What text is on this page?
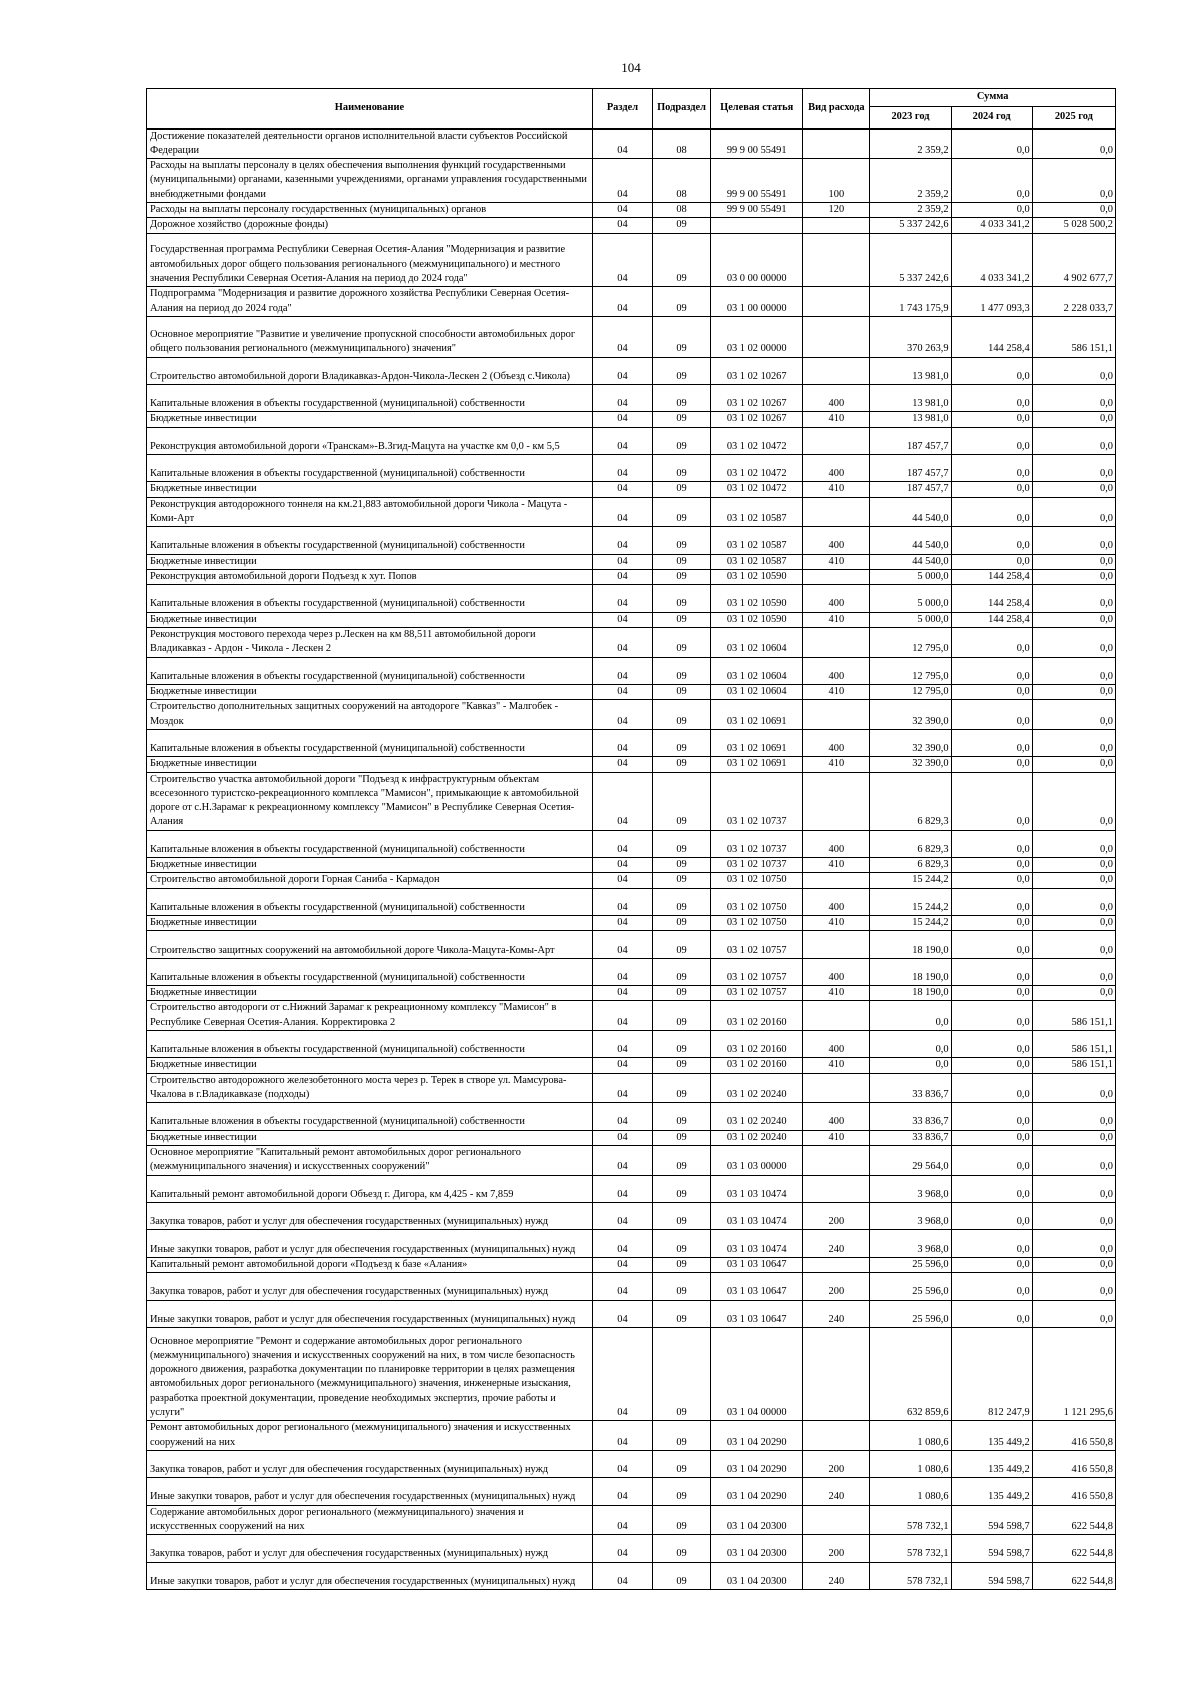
104
Наименование	Раздел	Подраздел	Целевая статья	Вид расхода	Сумма		
					2023 год	2024 год	2025 год
Достижение показателей деятельности органов исполнительной власти субъектов Российской Федерации	04	08	99 9 00 55491		2 359,2	0,0	0,0
Расходы на выплаты персоналу в целях обеспечения выполнения функций государственными (муниципальными) органами, казенными учреждениями, органами управления государственными внебюджетными фондами	04	08	99 9 00 55491	100	2 359,2	0,0	0,0
Расходы на выплаты персоналу государственных (муниципальных) органов	04	08	99 9 00 55491	120	2 359,2	0,0	0,0
Дорожное хозяйство (дорожные фонды)	04	09			5 337 242,6	4 033 341,2	5 028 500,2
Государственная программа Республики Северная Осетия-Алания "Модернизация и развитие автомобильных дорог общего пользования регионального (межмуниципального) и местного значения Республики Северная Осетия-Алания на период до 2024 года"	04	09	03 0 00 00000		5 337 242,6	4 033 341,2	4 902 677,7
Подпрограмма "Модернизация и развитие дорожного хозяйства Республики Северная Осетия-Алания на период до 2024 года"	04	09	03 1 00 00000		1 743 175,9	1 477 093,3	2 228 033,7
Основное мероприятие "Развитие и увеличение пропускной способности автомобильных дорог общего пользования регионального (межмуниципального) значения"	04	09	03 1 02 00000		370 263,9	144 258,4	586 151,1
Строительство автомобильной дороги Владикавказ-Ардон-Чикола-Лескен 2 (Объезд с.Чикола)	04	09	03 1 02 10267		13 981,0	0,0	0,0
Капитальные вложения в объекты государственной (муниципальной) собственности	04	09	03 1 02 10267	400	13 981,0	0,0	0,0
Бюджетные инвестиции	04	09	03 1 02 10267	410	13 981,0	0,0	0,0
Реконструкция автомобильной дороги «Транскам»-В.Згид-Мацута на участке км 0,0 - км 5,5	04	09	03 1 02 10472		187 457,7	0,0	0,0
Капитальные вложения в объекты государственной (муниципальной) собственности	04	09	03 1 02 10472	400	187 457,7	0,0	0,0
Бюджетные инвестиции	04	09	03 1 02 10472	410	187 457,7	0,0	0,0
Реконструкция автодорожного тоннеля на км.21,883 автомобильной дороги Чикола - Мацута - Коми-Арт	04	09	03 1 02 10587		44 540,0	0,0	0,0
Капитальные вложения в объекты государственной (муниципальной) собственности	04	09	03 1 02 10587	400	44 540,0	0,0	0,0
Бюджетные инвестиции	04	09	03 1 02 10587	410	44 540,0	0,0	0,0
Реконструкция автомобильной дороги Подъезд к хут. Попов	04	09	03 1 02 10590		5 000,0	144 258,4	0,0
Капитальные вложения в объекты государственной (муниципальной) собственности	04	09	03 1 02 10590	400	5 000,0	144 258,4	0,0
Бюджетные инвестиции	04	09	03 1 02 10590	410	5 000,0	144 258,4	0,0
Реконструкция мостового перехода через р.Лескен на км 88,511 автомобильной дороги Владикавказ - Ардон - Чикола - Лескен 2	04	09	03 1 02 10604		12 795,0	0,0	0,0
Капитальные вложения в объекты государственной (муниципальной) собственности	04	09	03 1 02 10604	400	12 795,0	0,0	0,0
Бюджетные инвестиции	04	09	03 1 02 10604	410	12 795,0	0,0	0,0
Строительство дополнительных защитных сооружений на автодороге "Кавказ" - Малгобек - Моздок	04	09	03 1 02 10691		32 390,0	0,0	0,0
Капитальные вложения в объекты государственной (муниципальной) собственности	04	09	03 1 02 10691	400	32 390,0	0,0	0,0
Бюджетные инвестиции	04	09	03 1 02 10691	410	32 390,0	0,0	0,0
Строительство участка автомобильной дороги "Подъезд к инфраструктурным объектам всесезонного туристско-рекреационного комплекса "Мамисон", примыкающие к автомобильной дороге от с.Н.Зарамаг к рекреационному комплексу "Мамисон" в Республике Северная Осетия-Алания	04	09	03 1 02 10737		6 829,3	0,0	0,0
Капитальные вложения в объекты государственной (муниципальной) собственности	04	09	03 1 02 10737	400	6 829,3	0,0	0,0
Бюджетные инвестиции	04	09	03 1 02 10737	410	6 829,3	0,0	0,0
Строительство автомобильной дороги Горная Санибa - Кармадон	04	09	03 1 02 10750		15 244,2	0,0	0,0
Капитальные вложения в объекты государственной (муниципальной) собственности	04	09	03 1 02 10750	400	15 244,2	0,0	0,0
Бюджетные инвестиции	04	09	03 1 02 10750	410	15 244,2	0,0	0,0
Строительство защитных сооружений на автомобильной дороге Чикола-Мацута-Комы-Арт	04	09	03 1 02 10757		18 190,0	0,0	0,0
Капитальные вложения в объекты государственной (муниципальной) собственности	04	09	03 1 02 10757	400	18 190,0	0,0	0,0
Бюджетные инвестиции	04	09	03 1 02 10757	410	18 190,0	0,0	0,0
Строительство автодороги от с.Нижний Зарамаг к рекреационному комплексу "Мамисон" в Республике Северная Осетия-Алания. Корректировка 2	04	09	03 1 02 20160		0,0	0,0	586 151,1
Капитальные вложения в объекты государственной (муниципальной) собственности	04	09	03 1 02 20160	400	0,0	0,0	586 151,1
Бюджетные инвестиции	04	09	03 1 02 20160	410	0,0	0,0	586 151,1
Строительство автодорожного железобетонного моста через р. Терек в створе ул. Мамсурова-Чкалова в г.Владикавказе (подходы)	04	09	03 1 02 20240		33 836,7	0,0	0,0
Капитальные вложения в объекты государственной (муниципальной) собственности	04	09	03 1 02 20240	400	33 836,7	0,0	0,0
Бюджетные инвестиции	04	09	03 1 02 20240	410	33 836,7	0,0	0,0
Основное мероприятие "Капитальный ремонт автомобильных дорог регионального (межмуниципального значения) и искусственных сооружений"	04	09	03 1 03 00000		29 564,0	0,0	0,0
Капитальный ремонт автомобильной дороги Объезд г. Дигора, км 4,425 - км 7,859	04	09	03 1 03 10474		3 968,0	0,0	0,0
Закупка товаров, работ и услуг для обеспечения государственных (муниципальных) нужд	04	09	03 1 03 10474	200	3 968,0	0,0	0,0
Иные закупки товаров, работ и услуг для обеспечения государственных (муниципальных) нужд	04	09	03 1 03 10474	240	3 968,0	0,0	0,0
Капитальный ремонт автомобильной дороги «Подъезд к базе «Алания»	04	09	03 1 03 10647		25 596,0	0,0	0,0
Закупка товаров, работ и услуг для обеспечения государственных (муниципальных) нужд	04	09	03 1 03 10647	200	25 596,0	0,0	0,0
Иные закупки товаров, работ и услуг для обеспечения государственных (муниципальных) нужд	04	09	03 1 03 10647	240	25 596,0	0,0	0,0
Основное мероприятие "Ремонт и содержание автомобильных дорог регионального (межмуниципального) значения и искусственных сооружений на них, в том числе безопасность дорожного движения, разработка документации по планировке территории в целях размещения автомобильных дорог регионального (межмуниципального) значения, инженерные изыскания, разработка проектной документации, проведение необходимых экспертиз, прочие работы и услуги"	04	09	03 1 04 00000		632 859,6	812 247,9	1 121 295,6
Ремонт автомобильных дорог регионального (межмуниципального) значения и искусственных сооружений на них	04	09	03 1 04 20290		1 080,6	135 449,2	416 550,8
Закупка товаров, работ и услуг для обеспечения государственных (муниципальных) нужд	04	09	03 1 04 20290	200	1 080,6	135 449,2	416 550,8
Иные закупки товаров, работ и услуг для обеспечения государственных (муниципальных) нужд	04	09	03 1 04 20290	240	1 080,6	135 449,2	416 550,8
Содержание автомобильных дорог регионального (межмуниципального) значения и искусственных сооружений на них	04	09	03 1 04 20300		578 732,1	594 598,7	622 544,8
Закупка товаров, работ и услуг для обеспечения государственных (муниципальных) нужд	04	09	03 1 04 20300	200	578 732,1	594 598,7	622 544,8
Иные закупки товаров, работ и услуг для обеспечения государственных (муниципальных) нужд	04	09	03 1 04 20300	240	578 732,1	594 598,7	622 544,8
